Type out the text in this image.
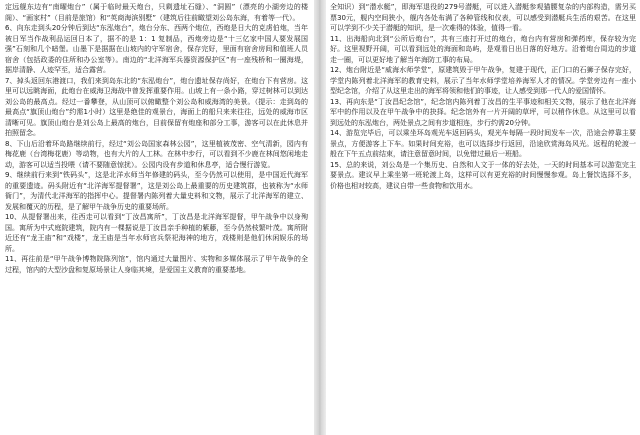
定远舰东边有“南曜炮台”（属于临时最天炮台，只剩遗址石缝）、“洞圆”（漂亮的小湖旁边的楼阁）、“画家村”（目前是旅馆）和“英商海滨别墅”（建筑后往前瞰望刘公岛东海，有着等一代）。

6、向东走到头20分钟后到达“东泓炮台”，炮台分东、西两个炮位，西炮是日大的克虏伯炮，当年被日军当作战利品运回日本了，据不的是 1：1 复制品，西炮旁边是“十三亿家中国人要发展国强”石刻和几个暗堡。山墨下是据据在山坡内的守军宿舍，保存完好，里面有宿舍房间和值班人员宿舍（包括政委的住所和办公室等）。南边的“北洋海军兵器资源保护区”有一座残桥和一圈海堤，据岸清静、人迹罕至，适合露营。

7、掉头返回东港渡口，我们来到岛东北的“东泓炮台”，炮台遗址保存尚好，在炮台下有营房。这里可以远眺海面，此炮台在威海卫海战中曾发挥重要作用。山坡上有一条小路，穿过树林可以到达刘公岛的最高点。经过一番攀登，从山顶可以俯瞰整个刘公岛和威海湾的美景。（提示：走到岛的最高点“旗顶山炮台”约需1小时）这里是绝佳的观景台，海面上的船只来来往往，远处的威海市区清晰可见。旗顶山炮台是刘公岛上最高的炮台，目前保留有炮座和部分工事，游客可以在此休息并拍照留念。

8、下山后沿着环岛路继续前行，经过“刘公岛国家森林公园”，这里植被茂密、空气清新，园内有梅花鹿（台湾梅花鹿）等动物，也有大片的人工林。在林中步行，可以看到不少鹿在林间悠闲地走动，游客可以适当投喂（请不要随意惊扰）。公园内设有步道和休息亭，适合慢行游览。

9、继续前行来到“铁码头”，这是北洋水师当年修建的码头，至今仍然可以使用，是中国近代海军的重要遗迹。码头附近有“北洋海军提督署”，这是刘公岛上最重要的历史建筑群，也被称为“水师衙门”，为清代北洋海军的指挥中心。提督署内陈列着大量史料和文物，展示了北洋海军的建立、发展和覆灭的历程，是了解甲午战争历史的重要场所。

10、从提督署出来，往西走可以看到“丁汝昌寓所”，丁汝昌是北洋海军提督，甲午战争中以身殉国。寓所为中式庭院建筑，院内有一棵据说是丁汝昌亲手种植的紫藤，至今仍然枝繁叶茂。寓所附近还有“龙王庙”和“戏楼”，龙王庙是当年水师官兵祭祀海神的地方，戏楼则是他们休闲娱乐的场所。

11、再往前是“甲午战争博物院陈列馆”，馆内通过大量图片、实物和多媒体展示了甲午战争的全过程，馆内的大型沙盘和复原场景让人身临其境，是爱国主义教育的重要基地。

全知识）到“潜水艇”，即海军退役的279号潜艇，可以进入潜艇参观猫腰复杂的内部构造，需另买票30元，舰内空间狭小，舰内各处布满了各种管线和仪表，可以感受到潜艇兵生活的艰苦。在这里可以学到不少关于潜艇的知识，是一次难得的体验，值得一看。

11、出海船向北到“公所后炮台”，共有三座打开过的炮台，炮台内有营房和弹药库，保存较为完好。这里视野开阔，可以看到远处的海面和岛屿，是观看日出日落的好地方。沿着炮台周边的步道走一圈，可以更好地了解当年海防工事的布局。

12、炮台附近是“威海水师学堂”，原建筑毁于甲午战争，复建于现代，正门口的石狮子保存完好，学堂内陈列着北洋海军的教育史料，展示了当年水师学堂培养海军人才的情况。学堂旁边有一座小型纪念馆，介绍了从这里走出的海军将领和他们的事迹，让人感受到那一代人的爱国情怀。

13、再向东是“丁汝昌纪念馆”，纪念馆内陈列着丁汝昌的生平事迹和相关文物，展示了他在北洋海军中的作用以及在甲午战争中的抉择。纪念馆外有一片开阔的草坪，可以稍作休息。从这里可以看到远处的东泓炮台，两处景点之间有步道相连，步行约需20分钟。

14、游览完毕后，可以乘坐环岛观光车返回码头，观光车每隔一段时间发车一次，沿途会停靠主要景点，方便游客上下车。如果时间充裕，也可以选择步行返回，沿途欣赏海岛风光。返程的轮渡一般在下午五点前结束，请注意留意时间，以免错过最后一班船。

15、总的来说，刘公岛是一个集历史、自然和人文于一体的好去处，一天的时间基本可以游览完主要景点。建议早上乘坐第一班轮渡上岛，这样可以有更充裕的时间慢慢参观。岛上餐饮选择不多，价格也相对较高，建议自带一些食物和饮用水。
